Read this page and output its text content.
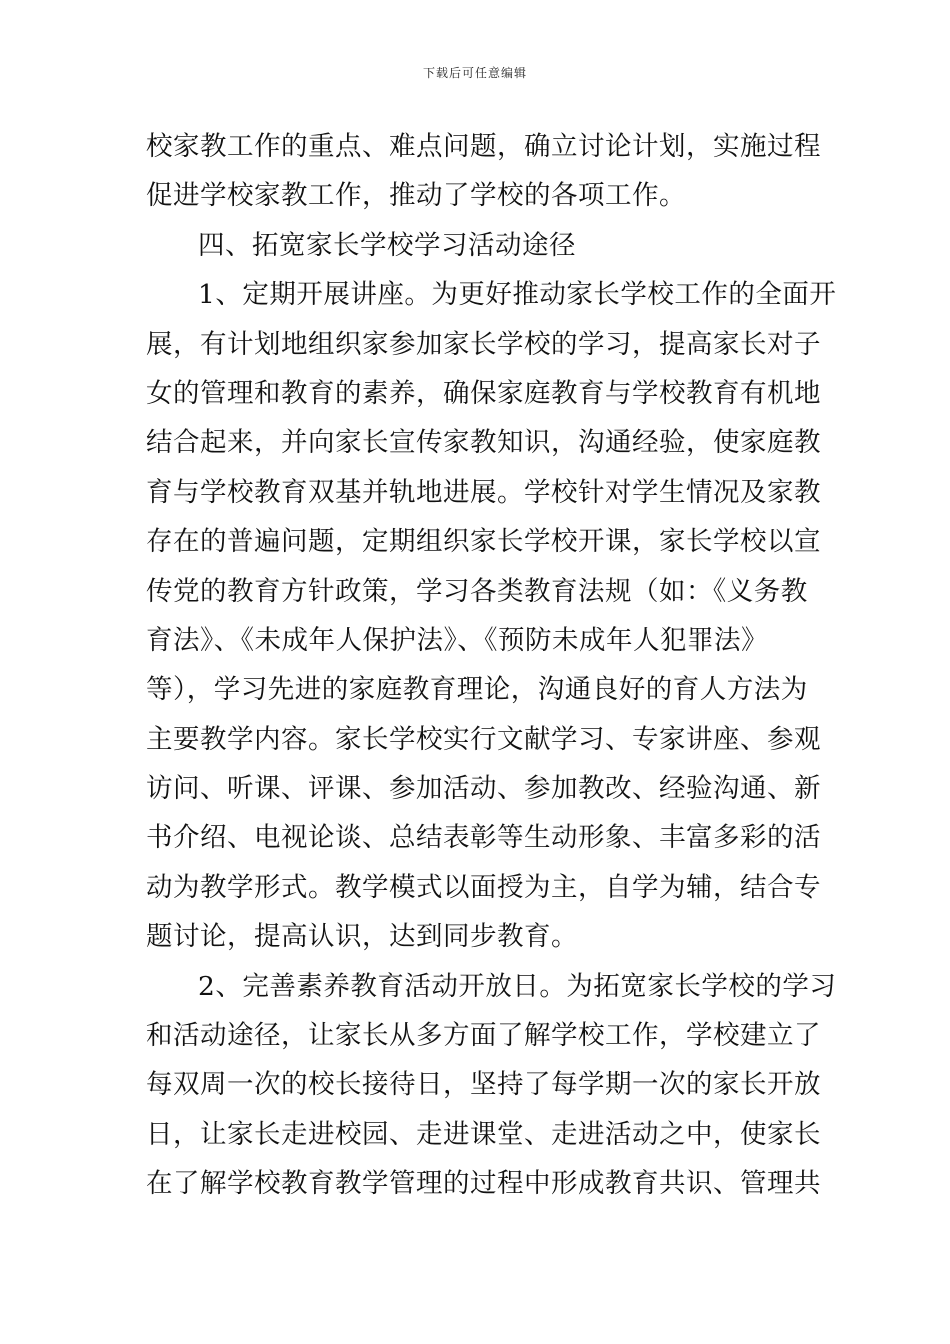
下载后可任意编辑
校家教工作的重点、难点问题，确立讨论计划，实施过程
促进学校家教工作，推动了学校的各项工作。
四、拓宽家长学校学习活动途径
1、定期开展讲座。为更好推动家长学校工作的全面开
展，有计划地组织家参加家长学校的学习，提高家长对子
女的管理和教育的素养，确保家庭教育与学校教育有机地
结合起来，并向家长宣传家教知识，沟通经验，使家庭教
育与学校教育双基并轨地进展。学校针对学生情况及家教
存在的普遍问题，定期组织家长学校开课，家长学校以宣
传党的教育方针政策，学习各类教育法规（如：《义务教
育法》、《未成年人保护法》、《预防未成年人犯罪法》
等），学习先进的家庭教育理论，沟通良好的育人方法为
主要教学内容。家长学校实行文献学习、专家讲座、参观
访问、听课、评课、参加活动、参加教改、经验沟通、新
书介绍、电视论谈、总结表彰等生动形象、丰富多彩的活
动为教学形式。教学模式以面授为主，自学为辅，结合专
题讨论，提高认识，达到同步教育。
2、完善素养教育活动开放日。为拓宽家长学校的学习
和活动途径，让家长从多方面了解学校工作，学校建立了
每双周一次的校长接待日，坚持了每学期一次的家长开放
日，让家长走进校园、走进课堂、走进活动之中，使家长
在了解学校教育教学管理的过程中形成教育共识、管理共
